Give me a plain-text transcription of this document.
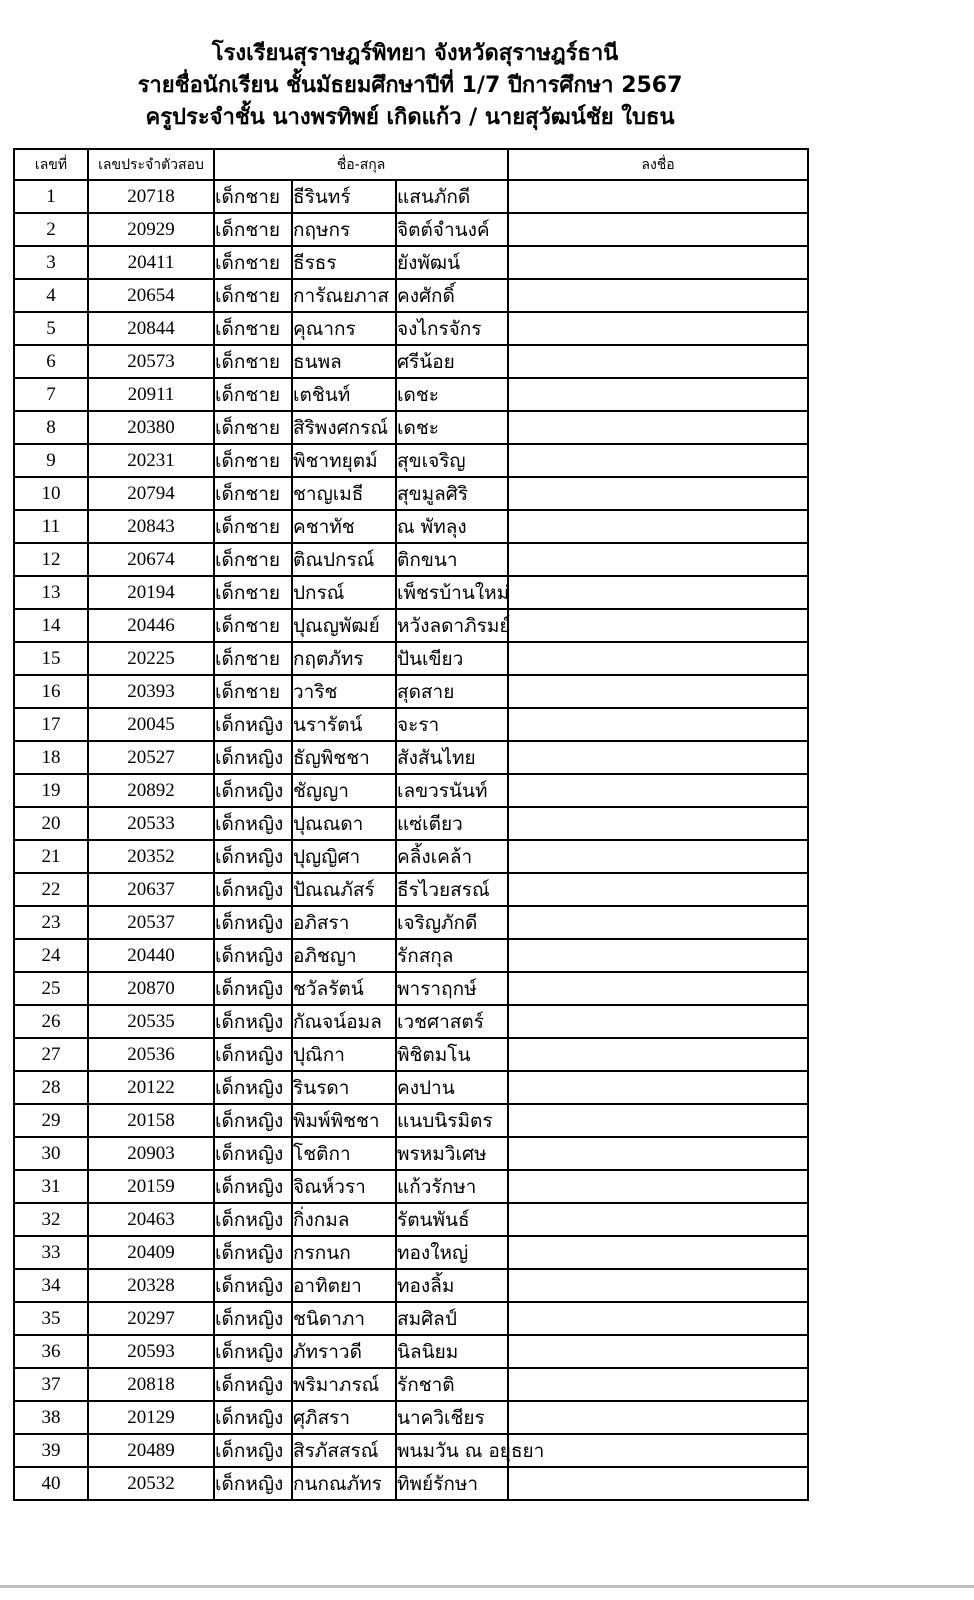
โรงเรียนสุราษฎร์พิทยา จังหวัดสุราษฎร์ธานี
รายชื่อนักเรียน ชั้นมัธยมศึกษาปีที่ 1/7 ปีการศึกษา 2567
ครูประจำชั้น นางพรทิพย์ เกิดแก้ว / นายสุวัฒน์ชัย ใบธน
เลขที่	เลขประจำตัวสอบ	ชื่อ-สกุล			ลงชื่อ
1	20718	เด็กชาย	ธีรินทร์	แสนภักดี	
2	20929	เด็กชาย	กฤษกร	จิตต์จำนงค์	
3	20411	เด็กชาย	ธีรธร	ยังพัฒน์	
4	20654	เด็กชาย	การัณยภาส	คงศักดิ์	
5	20844	เด็กชาย	คุณากร	จงไกรจักร	
6	20573	เด็กชาย	ธนพล	ศรีน้อย	
7	20911	เด็กชาย	เตชินท์	เดชะ	
8	20380	เด็กชาย	สิริพงศกรณ์	เดชะ	
9	20231	เด็กชาย	พิชาทยุตม์	สุขเจริญ	
10	20794	เด็กชาย	ชาญเมธี	สุขมูลศิริ	
11	20843	เด็กชาย	คชาทัช	ณ พัทลุง	
12	20674	เด็กชาย	ติณปกรณ์	ติกขนา	
13	20194	เด็กชาย	ปกรณ์	เพ็ชรบ้านใหม่	
14	20446	เด็กชาย	ปุณญพัฒย์	หวังลดาภิรมย์	
15	20225	เด็กชาย	กฤตภัทร	ปันเขียว	
16	20393	เด็กชาย	วาริช	สุดสาย	
17	20045	เด็กหญิง	นรารัตน์	จะรา	
18	20527	เด็กหญิง	ธัญพิชชา	สังสันไทย	
19	20892	เด็กหญิง	ชัญญา	เลขวรนันท์	
20	20533	เด็กหญิง	ปุณณดา	แซ่เตียว	
21	20352	เด็กหญิง	ปุญญิศา	คลิ้งเคล้า	
22	20637	เด็กหญิง	ปัณณภัสร์	ธีรไวยสรณ์	
23	20537	เด็กหญิง	อภิสรา	เจริญภักดี	
24	20440	เด็กหญิง	อภิชญา	รักสกุล	
25	20870	เด็กหญิง	ชวัลรัตน์	พาราฤกษ์	
26	20535	เด็กหญิง	กัณจน์อมล	เวชศาสตร์	
27	20536	เด็กหญิง	ปุณิกา	พิชิตมโน	
28	20122	เด็กหญิง	รินรดา	คงปาน	
29	20158	เด็กหญิง	พิมพ์พิชชา	แนบนิรมิตร	
30	20903	เด็กหญิง	โชติกา	พรหมวิเศษ	
31	20159	เด็กหญิง	จิณห์วรา	แก้วรักษา	
32	20463	เด็กหญิง	กิ่งกมล	รัตนพันธ์	
33	20409	เด็กหญิง	กรกนก	ทองใหญ่	
34	20328	เด็กหญิง	อาทิตยา	ทองลิ้ม	
35	20297	เด็กหญิง	ชนิดาภา	สมศิลป์	
36	20593	เด็กหญิง	ภัทราวดี	นิลนิยม	
37	20818	เด็กหญิง	พริมาภรณ์	รักชาติ	
38	20129	เด็กหญิง	ศุภิสรา	นาควิเชียร	
39	20489	เด็กหญิง	สิรภัสสรณ์	พนมวัน ณ อยุธยา	
40	20532	เด็กหญิง	กนกณภัทร	ทิพย์รักษา	
